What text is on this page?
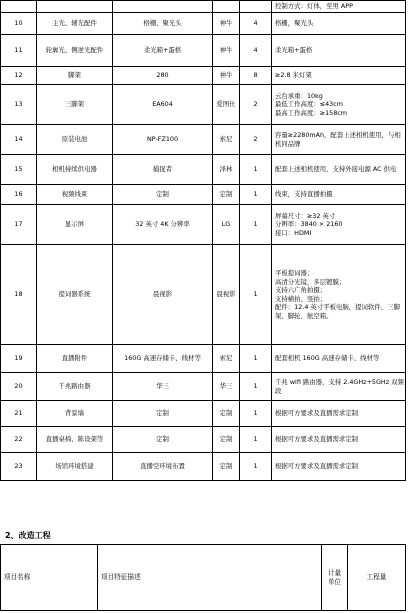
					控制方式：灯体，至男 APP
10	主光、辅光配件	格栅，聚光头	神牛	4	格栅，聚光头
11	轮廓光、侧逆光配件	柔光箱+蛋格	神牛	4	柔光箱+蛋格
12	脚架	280	神牛	8	≥2.8 米灯架
13	三脚架	EA604	爱图仕	2	云台承重：10kg
最低工作高度：≤43cm
最高工作高度：≥158cm
14	原装电池	NP-FZ100	索尼	2	容量≥2280mAh，配套上述相机使用，与相机同品牌
15	相机持续供电器	捕捉者	泽林	1	配套上述相机使用，支持外接电源 AC 供电
16	视频线束	定制	定制	1	线束，支持直播拍摄
17	显示屏	32 英寸 4K 分辨率	LG	1	屏幕尺寸：≥32 英寸
分辨率：3840 × 2160
接口：HDMI
18	提词器系统	晨视影	晨视影	1	平板提词器；
高清分光镜，多层镀膜；
支持六广角拍摄；
支持横拍、竖拍；
配件：12.4 英寸平板电脑，提词软件、三脚架、脚轮、航空箱。
19	直播附件	160G 高速存储卡、线材等	索尼	1	配套相机 160G 高速存储卡、线材等
20	千兆路由器	华三	华三	1	千兆 wifi 路由器，支持 2.4GHz+5GHz 双频段
21	背景墙	定制	定制	1	根据可方要求及直播需求定制
22	直播桌椅、陈设架等	定制	定制	1	根据可方要求及直播需求定制
23	场馆环境搭建	直播空环境布置	定制	1	根据可方要求及直播需求定制
2、改造工程
项目名称	项目特征描述	计量单位	工程量
